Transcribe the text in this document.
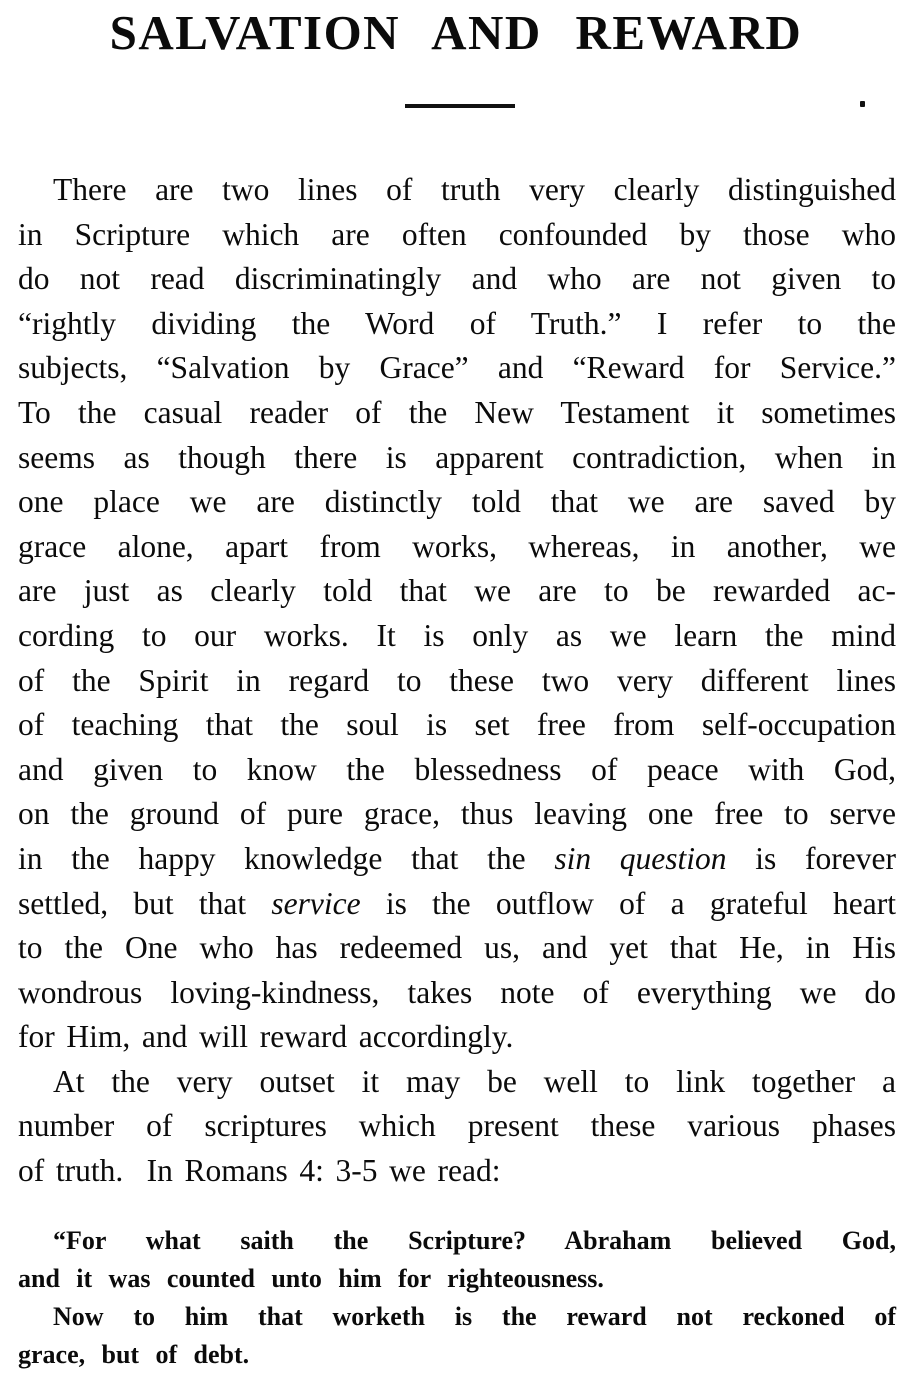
SALVATION AND REWARD
There are two lines of truth very clearly distinguished
in Scripture which are often confounded by those who
do not read discriminatingly and who are not given to
“rightly dividing the Word of Truth.” I refer to the
subjects, “Salvation by Grace” and “Reward for Service.”
To the casual reader of the New Testament it sometimes
seems as though there is apparent contradiction, when in
one place we are distinctly told that we are saved by
grace alone, apart from works, whereas, in another, we
are just as clearly told that we are to be rewarded ac-
cording to our works. It is only as we learn the mind
of the Spirit in regard to these two very different lines
of teaching that the soul is set free from self-occupation
and given to know the blessedness of peace with God,
on the ground of pure grace, thus leaving one free to serve
in the happy knowledge that the sin question is forever
settled, but that service is the outflow of a grateful heart
to the One who has redeemed us, and yet that He, in His
wondrous loving-kindness, takes note of everything we do
for Him, and will reward accordingly.
At the very outset it may be well to link together a
number of scriptures which present these various phases
of truth.  In Romans 4: 3-5 we read:
“For what saith the Scripture? Abraham believed God,
and it was counted unto him for righteousness.
Now to him that worketh is the reward not reckoned of
grace, but of debt.
